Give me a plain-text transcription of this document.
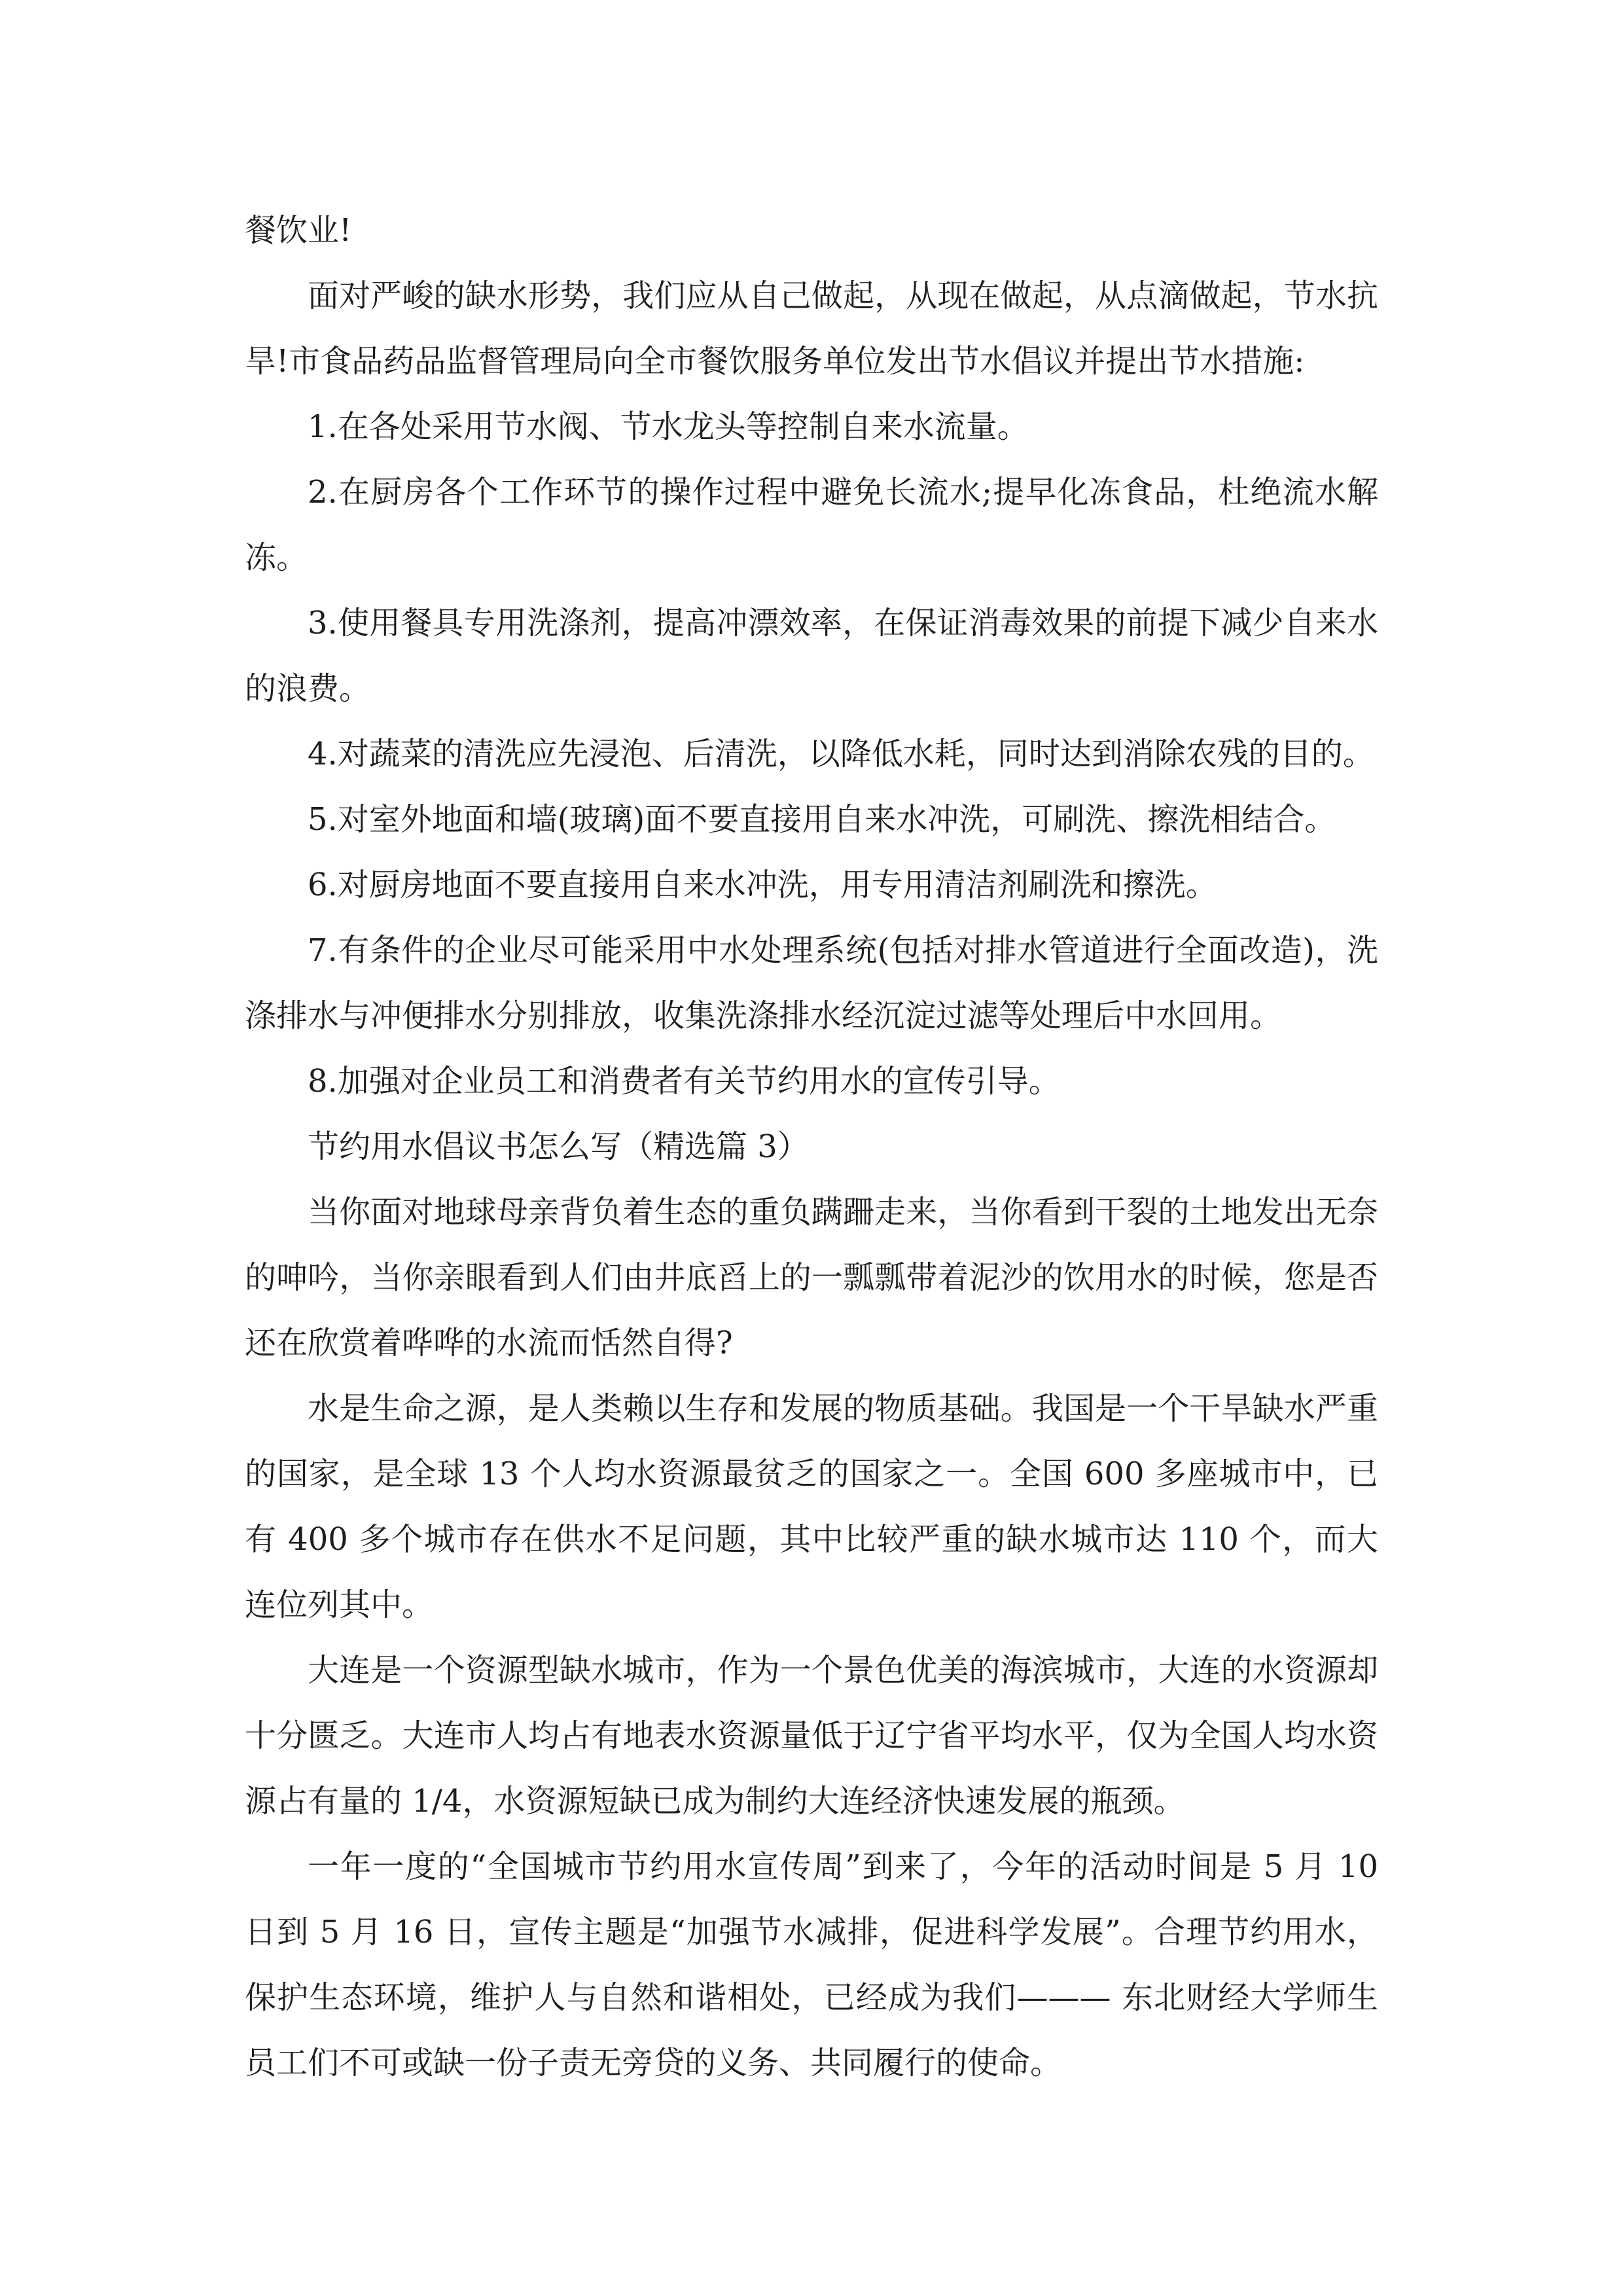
餐饮业!

面对严峻的缺水形势，我们应从自己做起，从现在做起，从点滴做起，节水抗旱!市食品药品监督管理局向全市餐饮服务单位发出节水倡议并提出节水措施:

1.在各处采用节水阀、节水龙头等控制自来水流量。

2.在厨房各个工作环节的操作过程中避免长流水;提早化冻食品，杜绝流水解冻。

3.使用餐具专用洗涤剂，提高冲漂效率，在保证消毒效果的前提下减少自来水的浪费。

4.对蔬菜的清洗应先浸泡、后清洗，以降低水耗，同时达到消除农残的目的。

5.对室外地面和墙(玻璃)面不要直接用自来水冲洗，可刷洗、擦洗相结合。

6.对厨房地面不要直接用自来水冲洗，用专用清洁剂刷洗和擦洗。

7.有条件的企业尽可能采用中水处理系统(包括对排水管道进行全面改造)，洗涤排水与冲便排水分别排放，收集洗涤排水经沉淀过滤等处理后中水回用。

8.加强对企业员工和消费者有关节约用水的宣传引导。

节约用水倡议书怎么写（精选篇 3）

当你面对地球母亲背负着生态的重负蹒跚走来，当你看到干裂的土地发出无奈的呻吟，当你亲眼看到人们由井底舀上的一瓢瓢带着泥沙的饮用水的时候，您是否还在欣赏着哗哗的水流而恬然自得?

水是生命之源，是人类赖以生存和发展的物质基础。我国是一个干旱缺水严重的国家，是全球 13 个人均水资源最贫乏的国家之一。全国 600 多座城市中，已有 400 多个城市存在供水不足问题，其中比较严重的缺水城市达 110 个，而大连位列其中。

大连是一个资源型缺水城市，作为一个景色优美的海滨城市，大连的水资源却十分匮乏。大连市人均占有地表水资源量低于辽宁省平均水平，仅为全国人均水资源占有量的 1/4，水资源短缺已成为制约大连经济快速发展的瓶颈。

一年一度的“全国城市节约用水宣传周”到来了，今年的活动时间是 5 月 10 日到 5 月 16 日，宣传主题是“加强节水减排，促进科学发展”。合理节约用水，保护生态环境，维护人与自然和谐相处，已经成为我们——— 东北财经大学师生员工们不可或缺一份子责无旁贷的义务、共同履行的使命。
